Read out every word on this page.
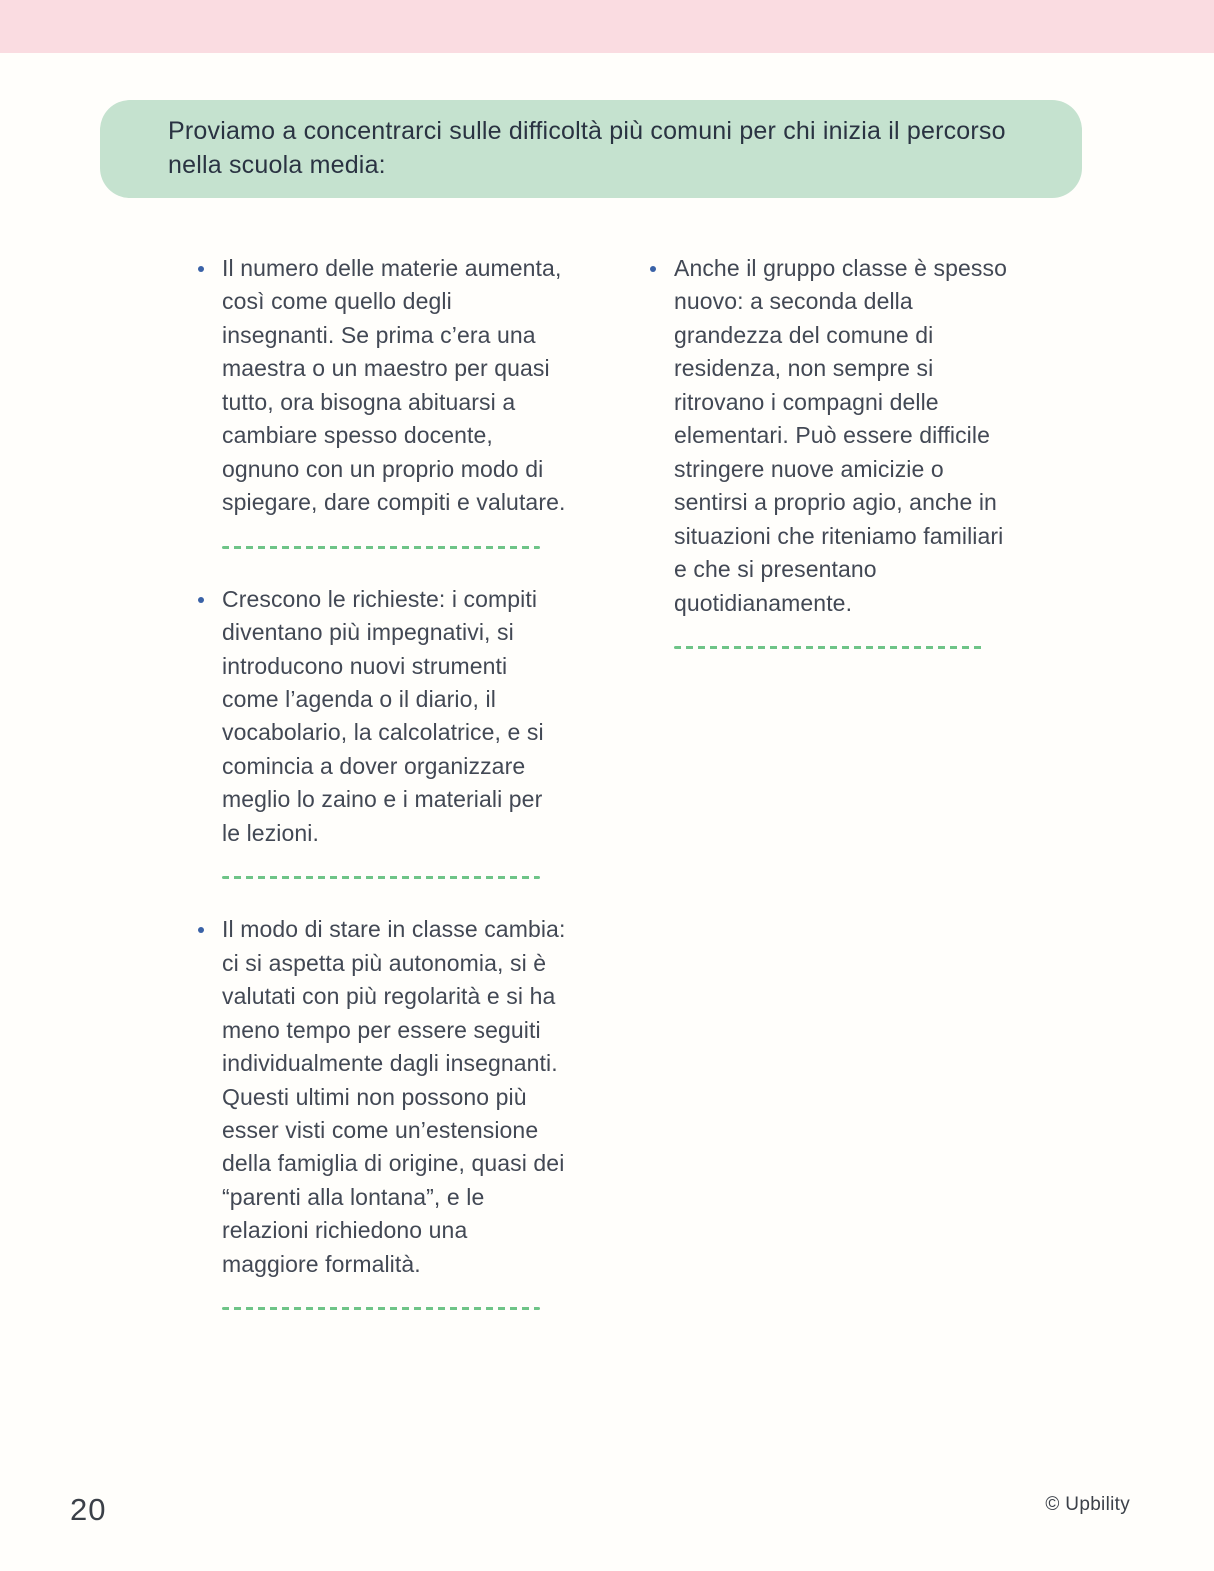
Proviamo a concentrarci sulle difficoltà più comuni per chi inizia il percorso nella scuola media:

Il numero delle materie aumenta, così come quello degli insegnanti. Se prima c’era una maestra o un maestro per quasi tutto, ora bisogna abituarsi a cambiare spesso docente, ognuno con un proprio modo di spiegare, dare compiti e valutare.

Crescono le richieste: i compiti diventano più impegnativi, si introducono nuovi strumenti come l’agenda o il diario, il vocabolario, la calcolatrice, e si comincia a dover organizzare meglio lo zaino e i materiali per le lezioni.

Il modo di stare in classe cambia: ci si aspetta più autonomia, si è valutati con più regolarità e si ha meno tempo per essere seguiti individualmente dagli insegnanti. Questi ultimi non possono più esser visti come un’estensione della famiglia di origine, quasi dei “parenti alla lontana”, e le relazioni richiedono una maggiore formalità.

Anche il gruppo classe è spesso nuovo: a seconda della grandezza del comune di residenza, non sempre si ritrovano i compagni delle elementari. Può essere difficile stringere nuove amicizie o sentirsi a proprio agio, anche in situazioni che riteniamo familiari e che si presentano quotidianamente.

20	© Upbility
